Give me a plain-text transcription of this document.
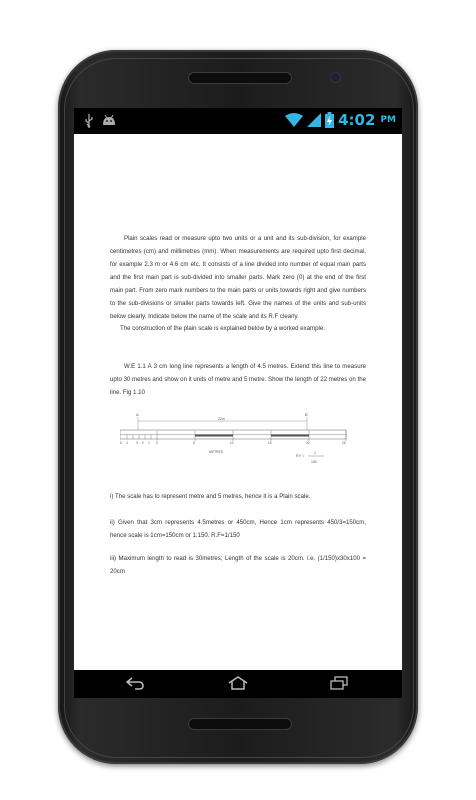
4:02 PM

Plain scales read or measure upto two units or a unit and its sub-division, for example centimetres (cm) and millimetres (mm). When measurements are required upto first decimal, for example 2.3 m or 4.6 cm etc. It consists of a line divided into number of equal main parts and the first main part is sub-divided into smaller parts. Mark zero (0) at the end of the first main part. From zero mark numbers to the main parts or units towards right and give numbers to the sub-divisions or smaller parts towards left. Give the names of the units and sub-units below clearly. Indicate below the name of the scale and its R.F clearly.

The construction of the plain scale is explained below by a worked example.

W.E 1.1 A 3 cm long line represents a length of 4.5 metres. Extend this line to measure upto 30 metres and show on it units of metre and 5 metre. Show the length of 22 metres on the line. Fig 1.10

A	B
22m
6 4	3 2 1 0	5	10	15	20	25
METRES
R.F =
1
150

i) The scale has to represent metre and 5 metres, hence it is a Plain scale.

ii) Given that 3cm represents 4.5metres or 450cm, Hence 1cm represents 450/3=150cm, hence scale is 1cm=150cm or 1:150. R.F=1/150

iii) Maximum length to read is 30metres; Length of the scale is 20cm. i.e. (1/150)x30x100 = 20cm
